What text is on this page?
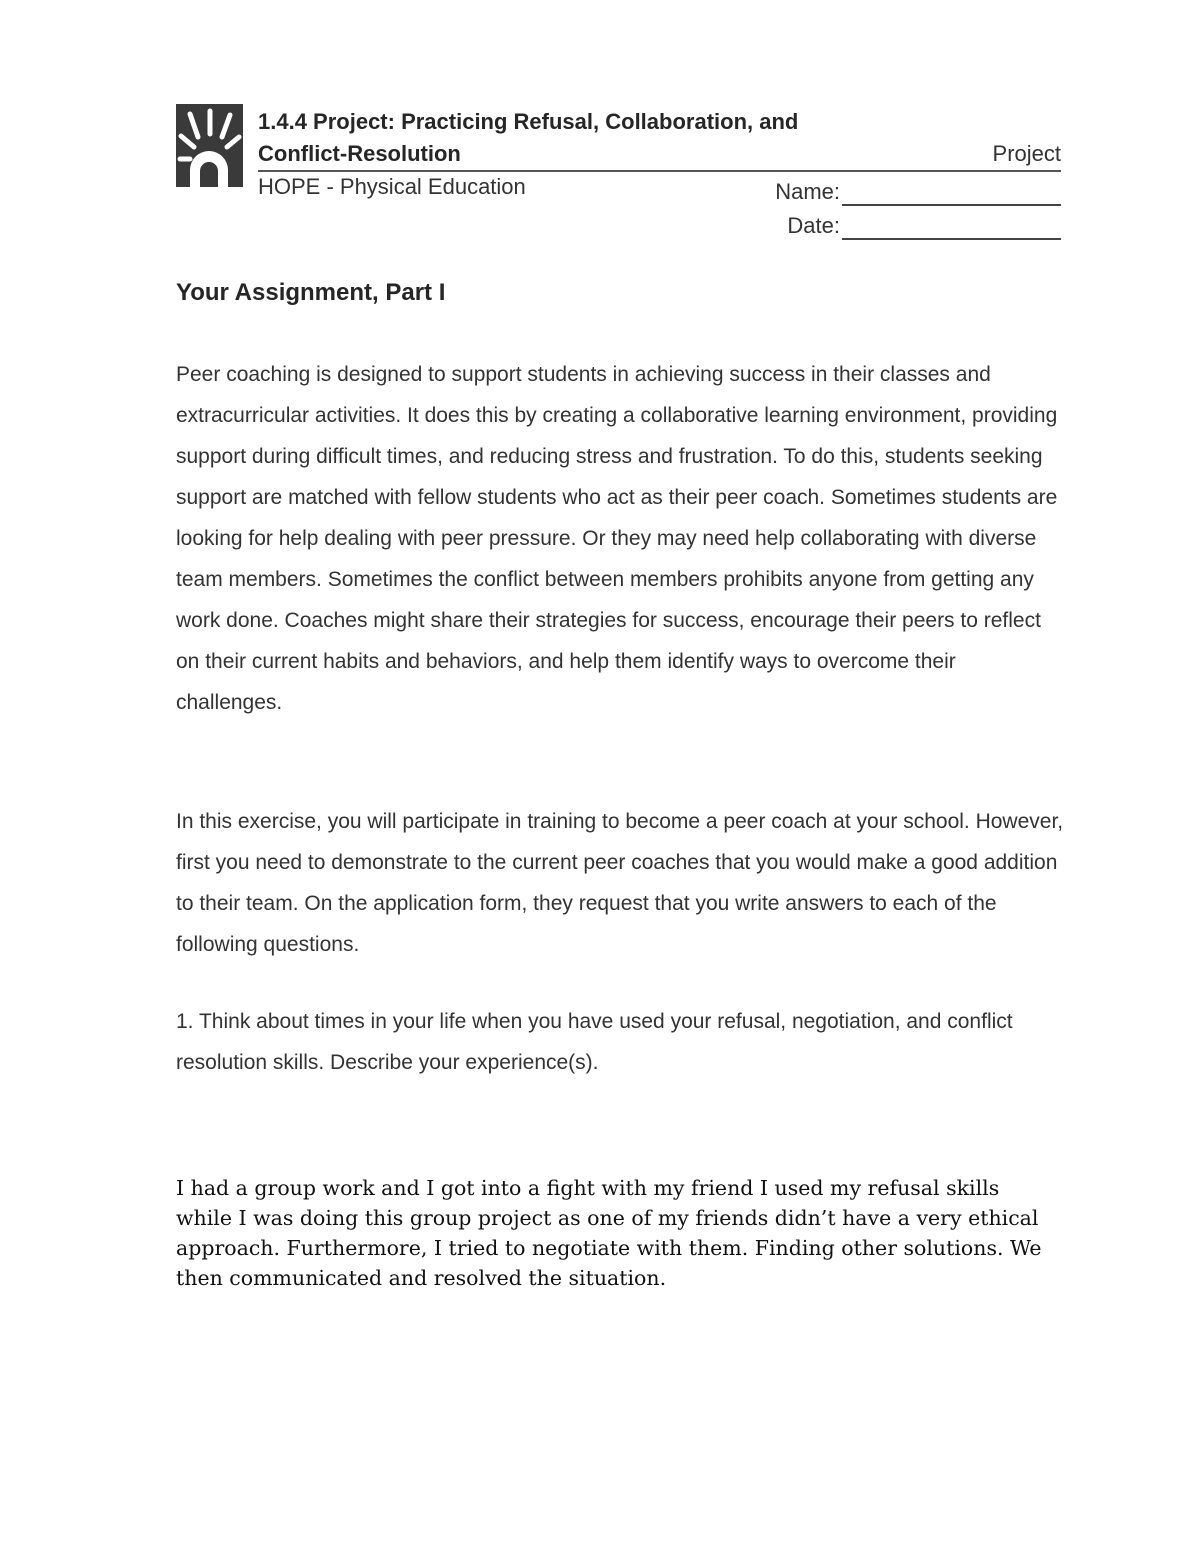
1.4.4 Project: Practicing Refusal, Collaboration, and
Conflict-Resolution	Project
HOPE - Physical Education	Name:
Date:
Your Assignment, Part I

Peer coaching is designed to support students in achieving success in their classes and extracurricular activities. It does this by creating a collaborative learning environment, providing support during difficult times, and reducing stress and frustration. To do this, students seeking support are matched with fellow students who act as their peer coach. Sometimes students are looking for help dealing with peer pressure. Or they may need help collaborating with diverse team members. Sometimes the conflict between members prohibits anyone from getting any work done. Coaches might share their strategies for success, encourage their peers to reflect on their current habits and behaviors, and help them identify ways to overcome their challenges.

In this exercise, you will participate in training to become a peer coach at your school. However, first you need to demonstrate to the current peer coaches that you would make a good addition to their team. On the application form, they request that you write answers to each of the following questions.

1. Think about times in your life when you have used your refusal, negotiation, and conflict resolution skills. Describe your experience(s).

I had a group work and I got into a fight with my friend I used my refusal skills while I was doing this group project as one of my friends didn’t have a very ethical approach. Furthermore, I tried to negotiate with them. Finding other solutions. We then communicated and resolved the situation.
